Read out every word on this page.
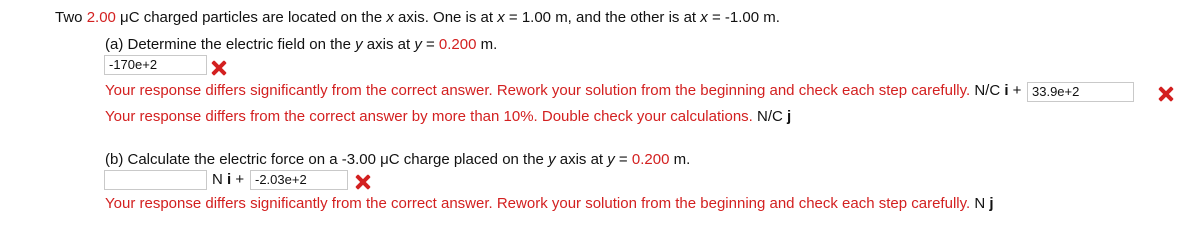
Two 2.00 μC charged particles are located on the x axis. One is at x = 1.00 m, and the other is at x = -1.00 m.
(a) Determine the electric field on the y axis at y = 0.200 m.
-170e+2
Your response differs significantly from the correct answer. Rework your solution from the beginning and check each step carefully. N/C i + 33.9e+2
Your response differs from the correct answer by more than 10%. Double check your calculations. N/C j
(b) Calculate the electric force on a -3.00 μC charge placed on the y axis at y = 0.200 m.
N i + -2.03e+2
Your response differs significantly from the correct answer. Rework your solution from the beginning and check each step carefully. N j
